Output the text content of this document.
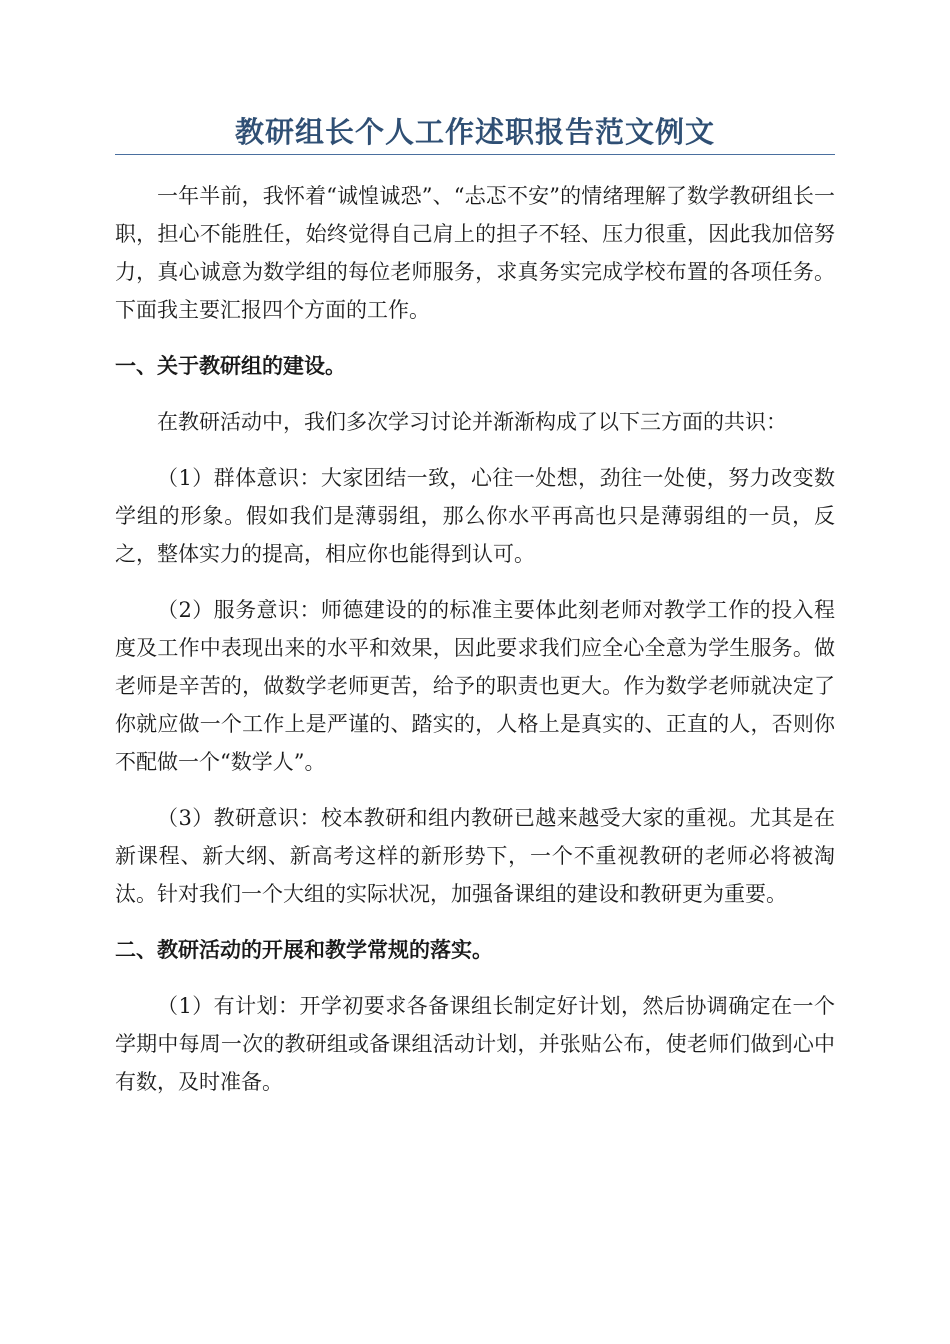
教研组长个人工作述职报告范文例文

一年半前，我怀着“诚惶诚恐”、“忐忑不安”的情绪理解了数学教研组长一职，担心不能胜任，始终觉得自己肩上的担子不轻、压力很重，因此我加倍努力，真心诚意为数学组的每位老师服务，求真务实完成学校布置的各项任务。下面我主要汇报四个方面的工作。

一、关于教研组的建设。

在教研活动中，我们多次学习讨论并渐渐构成了以下三方面的共识：

（1）群体意识：大家团结一致，心往一处想，劲往一处使，努力改变数学组的形象。假如我们是薄弱组，那么你水平再高也只是薄弱组的一员，反之，整体实力的提高，相应你也能得到认可。

（2）服务意识：师德建设的的标准主要体此刻老师对教学工作的投入程度及工作中表现出来的水平和效果，因此要求我们应全心全意为学生服务。做老师是辛苦的，做数学老师更苦，给予的职责也更大。作为数学老师就决定了你就应做一个工作上是严谨的、踏实的，人格上是真实的、正直的人，否则你不配做一个“数学人”。

（3）教研意识：校本教研和组内教研已越来越受大家的重视。尤其是在新课程、新大纲、新高考这样的新形势下，一个不重视教研的老师必将被淘汰。针对我们一个大组的实际状况，加强备课组的建设和教研更为重要。

二、教研活动的开展和教学常规的落实。

（1）有计划：开学初要求各备课组长制定好计划，然后协调确定在一个学期中每周一次的教研组或备课组活动计划，并张贴公布，使老师们做到心中有数，及时准备。
